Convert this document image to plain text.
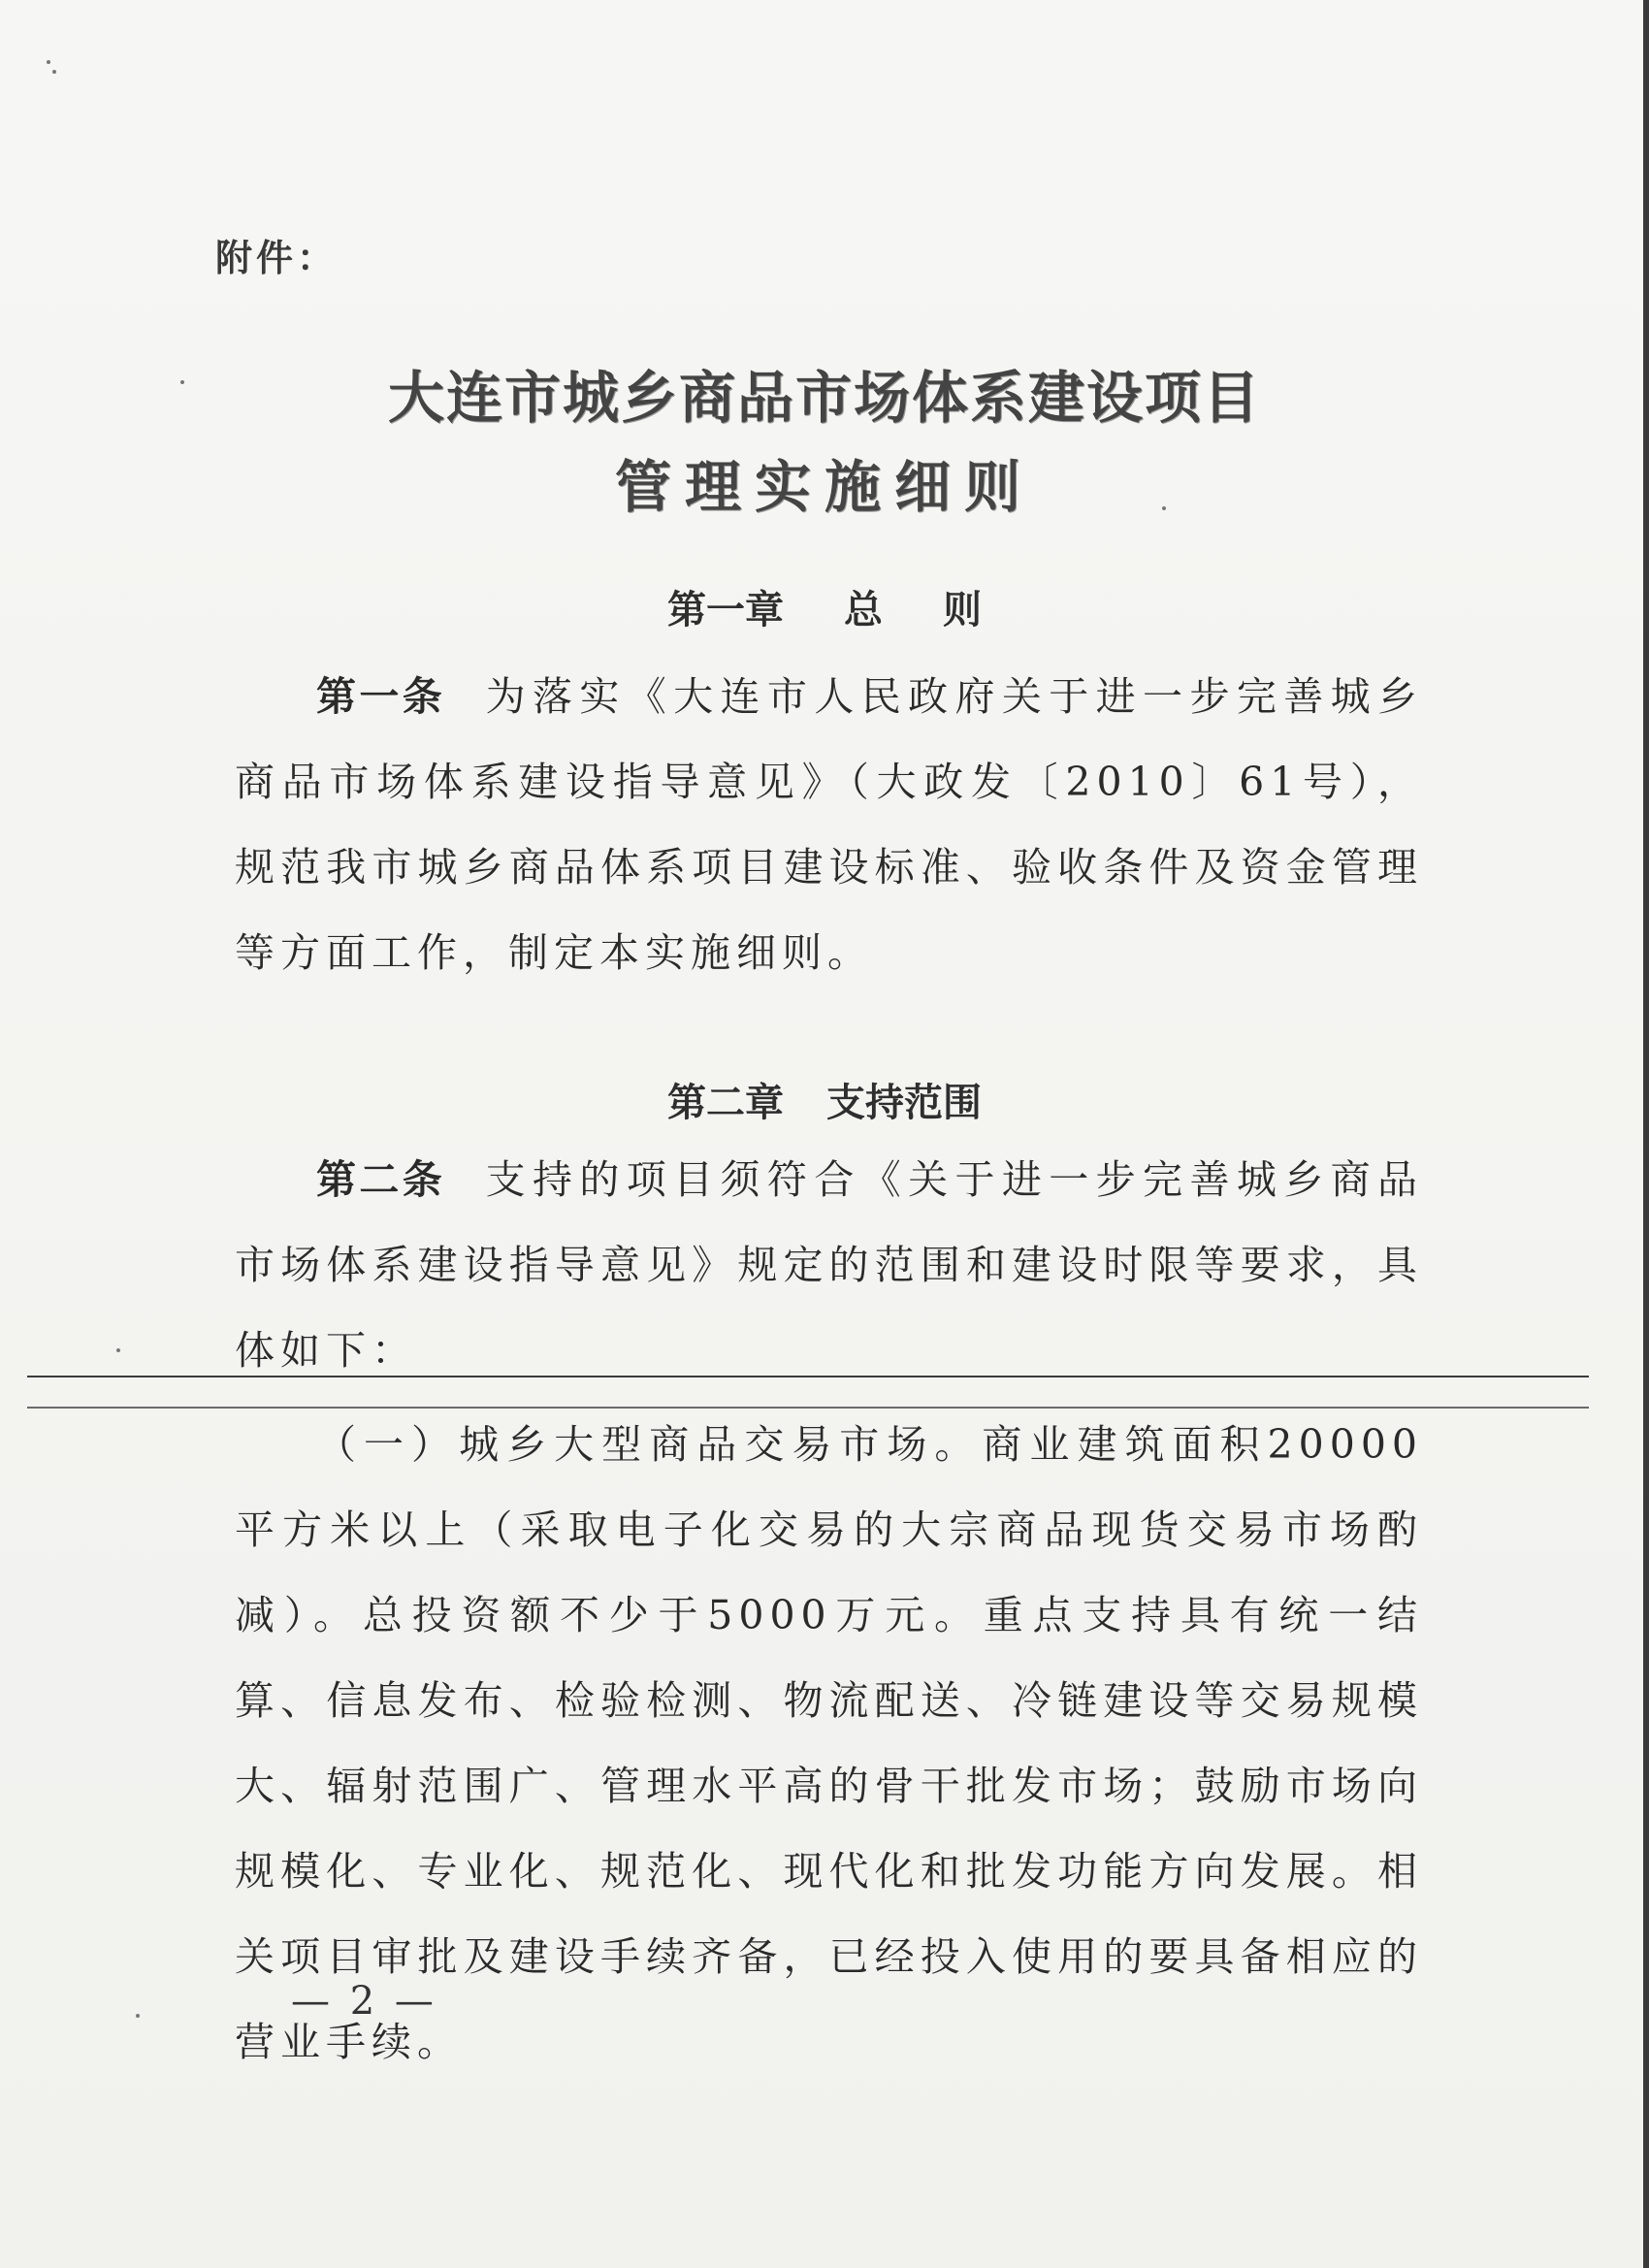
附件：
大连市城乡商品市场体系建设项目
管理实施细则
第一章 总 则
第一条 为落实《大连市人民政府关于进一步完善城乡商品市场体系建设指导意见》（大政发〔2010〕61号），规范我市城乡商品体系项目建设标准、验收条件及资金管理等方面工作，制定本实施细则。
第二章 支持范围
第二条 支持的项目须符合《关于进一步完善城乡商品市场体系建设指导意见》规定的范围和建设时限等要求，具体如下：
（一）城乡大型商品交易市场。商业建筑面积20000平方米以上（采取电子化交易的大宗商品现货交易市场酌减）。总投资额不少于5000万元。重点支持具有统一结算、信息发布、检验检测、物流配送、冷链建设等交易规模大、辐射范围广、管理水平高的骨干批发市场；鼓励市场向规模化、专业化、规范化、现代化和批发功能方向发展。相关项目审批及建设手续齐备，已经投入使用的要具备相应的营业手续。
— 2 —
